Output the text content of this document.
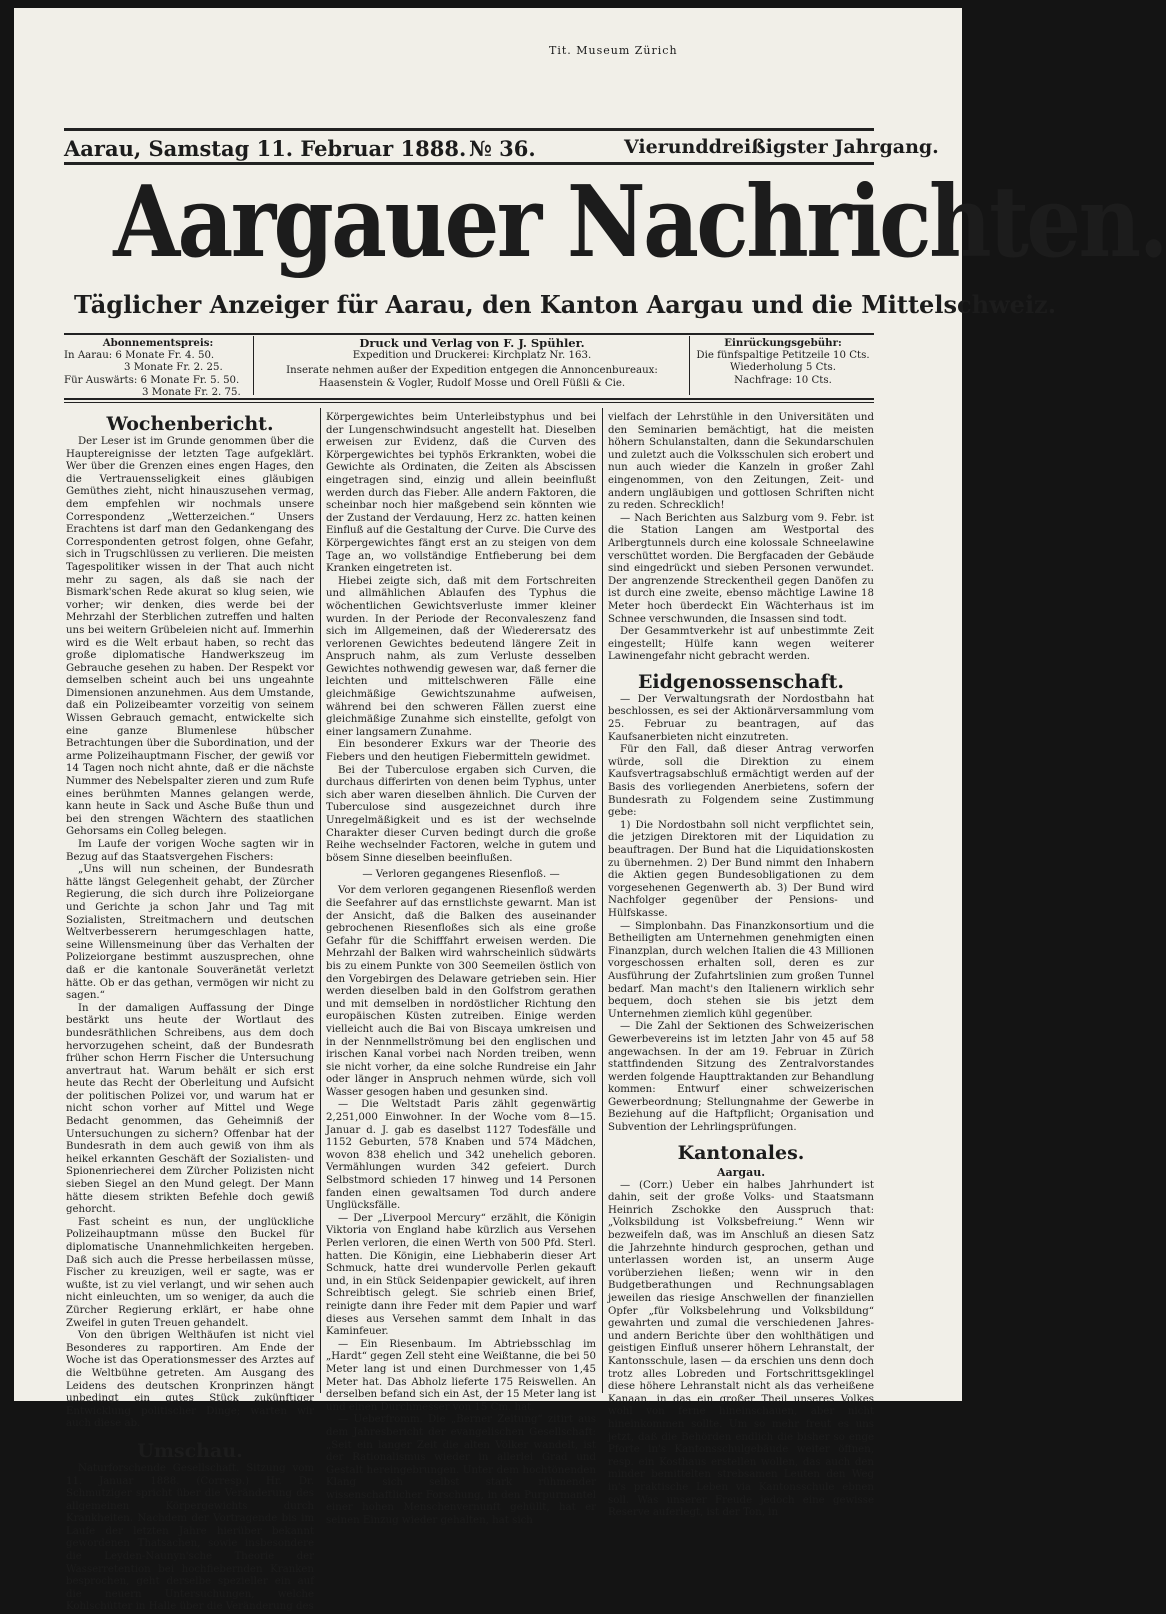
Tit. Museum Zürich
Aarau, Samstag 11. Februar 1888. № 36.	Vierunddreißigster Jahrgang.
Aargauer Nachrichten.
Täglicher Anzeiger für Aarau, den Kanton Aargau und die Mittelschweiz.
Abonnementspreis:
In Aarau: 6 Monate Fr. 4. 50.
3 Monate Fr. 2. 25.
Für Auswärts: 6 Monate Fr. 5. 50.
3 Monate Fr. 2. 75.
Druck und Verlag von F. J. Spühler.
Expedition und Druckerei: Kirchplatz Nr. 163.
Inserate nehmen außer der Expedition entgegen die Annoncenbureaux:
Haasenstein & Vogler, Rudolf Mosse und Orell Füßli & Cie.
Einrückungsgebühr:
Die fünfspaltige Petitzeile 10 Cts.
Wiederholung 5 Cts.
Nachfrage: 10 Cts.
Wochenbericht.

Der Leser ist im Grunde genommen über die Hauptereignisse der letzten Tage aufgeklärt. Wer über die Grenzen eines engen Hages, den die Vertrauensseligkeit eines gläubigen Gemüthes zieht, nicht hinauszusehen vermag, dem empfehlen wir nochmals unsere Correspondenz „Wetterzeichen.“ Unsers Erachtens ist darf man den Gedankengang des Correspondenten getrost folgen, ohne Gefahr, sich in Trugschlüssen zu verlieren. Die meisten Tagespolitiker wissen in der That auch nicht mehr zu sagen, als daß sie nach der Bismark'schen Rede akurat so klug seien, wie vorher; wir denken, dies werde bei der Mehrzahl der Sterblichen zutreffen und halten uns bei weitern Grübeleien nicht auf. Immerhin wird es die Welt erbaut haben, so recht das große diplomatische Handwerkszeug im Gebrauche gesehen zu haben. Der Respekt vor demselben scheint auch bei uns ungeahnte Dimensionen anzunehmen. Aus dem Umstande, daß ein Polizeibeamter vorzeitig von seinem Wissen Gebrauch gemacht, entwickelte sich eine ganze Blumenlese hübscher Betrachtungen über die Subordination, und der arme Polizeihauptmann Fischer, der gewiß vor 14 Tagen noch nicht ahnte, daß er die nächste Nummer des Nebelspalter zieren und zum Rufe eines berühmten Mannes gelangen werde, kann heute in Sack und Asche Buße thun und bei den strengen Wächtern des staatlichen Gehorsams ein Colleg belegen.

Im Laufe der vorigen Woche sagten wir in Bezug auf das Staatsvergehen Fischers:

„Uns will nun scheinen, der Bundesrath hätte längst Gelegenheit gehabt, der Zürcher Regierung, die sich durch ihre Polizeiorgane und Gerichte ja schon Jahr und Tag mit Sozialisten, Streitmachern und deutschen Weltverbesserern herumgeschlagen hatte, seine Willensmeinung über das Verhalten der Polizeiorgane bestimmt auszusprechen, ohne daß er die kantonale Souveränetät verletzt hätte. Ob er das gethan, vermögen wir nicht zu sagen.“

In der damaligen Auffassung der Dinge bestärkt uns heute der Wortlaut des bundesräthlichen Schreibens, aus dem doch hervorzugehen scheint, daß der Bundesrath früher schon Herrn Fischer die Untersuchung anvertraut hat. Warum behält er sich erst heute das Recht der Oberleitung und Aufsicht der politischen Polizei vor, und warum hat er nicht schon vorher auf Mittel und Wege Bedacht genommen, das Geheimniß der Untersuchungen zu sichern? Offenbar hat der Bundesrath in dem auch gewiß von ihm als heikel erkannten Geschäft der Sozialisten- und Spionenriecherei dem Zürcher Polizisten nicht sieben Siegel an den Mund gelegt. Der Mann hätte diesem strikten Befehle doch gewiß gehorcht.

Fast scheint es nun, der unglückliche Polizeihauptmann müsse den Buckel für diplomatische Unannehmlichkeiten hergeben. Daß sich auch die Presse herbeilassen müsse, Fischer zu kreuzigen, weil er sagte, was er wußte, ist zu viel verlangt, und wir sehen auch nicht einleuchten, um so weniger, da auch die Zürcher Regierung erklärt, er habe ohne Zweifel in guten Treuen gehandelt.

Von den übrigen Welthäufen ist nicht viel Besonderes zu rapportiren. Am Ende der Woche ist das Operationsmesser des Arztes auf die Weltbühne getreten. Am Ausgang des Leidens des deutschen Kronprinzen hängt unbedingt ein gutes Stück zukünftiger Entwicklung politischer Dinge; warten wir auch diese ab.

Umschau.

Naturforschende Gesellschaft. Sitzung vom 11. Januar 1888. (Corresp.) Hr. Dr. Schmutziger spricht über die Veränderung des allgemeinen Körpergewichts durch Krankheiten. Nachdem der Vortragende bis im Laufe der letzten Jahre hierüber bekannt gewordenen Thatsachen, sowie insbesondere die Leyden-Naunyn'sche Theorie der Wasserretention bei hochfiebernden Kranken besprochen, geht derselbe spezieller ein auf die neuern Untersuchungen, welche Kohlschütter in Halle über die Veränderung des

Körpergewichtes beim Unterleibstyphus und bei der Lungenschwindsucht angestellt hat. Dieselben erweisen zur Evidenz, daß die Curven des Körpergewichtes bei typhös Erkrankten, wobei die Gewichte als Ordinaten, die Zeiten als Abscissen eingetragen sind, einzig und allein beeinflußt werden durch das Fieber. Alle andern Faktoren, die scheinbar noch hier maßgebend sein könnten wie der Zustand der Verdauung, Herz zc. hatten keinen Einfluß auf die Gestaltung der Curve. Die Curve des Körpergewichtes fängt erst an zu steigen von dem Tage an, wo vollständige Entfieberung bei dem Kranken eingetreten ist.

Hiebei zeigte sich, daß mit dem Fortschreiten und allmählichen Ablaufen des Typhus die wöchentlichen Gewichtsverluste immer kleiner wurden. In der Periode der Reconvaleszenz fand sich im Allgemeinen, daß der Wiederersatz des verlorenen Gewichtes bedeutend längere Zeit in Anspruch nahm, als zum Verluste desselben Gewichtes nothwendig gewesen war, daß ferner die leichten und mittelschweren Fälle eine gleichmäßige Gewichtszunahme aufweisen, während bei den schweren Fällen zuerst eine gleichmäßige Zunahme sich einstellte, gefolgt von einer langsamern Zunahme.

Ein besonderer Exkurs war der Theorie des Fiebers und den heutigen Fiebermitteln gewidmet.

Bei der Tuberculose ergaben sich Curven, die durchaus differirten von denen beim Typhus, unter sich aber waren dieselben ähnlich. Die Curven der Tuberculose sind ausgezeichnet durch ihre Unregelmäßigkeit und es ist der wechselnde Charakter dieser Curven bedingt durch die große Reihe wechselnder Factoren, welche in gutem und bösem Sinne dieselben beeinflußen.

— Verloren gegangenes Riesenfloß. —

Vor dem verloren gegangenen Riesenfloß werden die Seefahrer auf das ernstlichste gewarnt. Man ist der Ansicht, daß die Balken des auseinander gebrochenen Riesenfloßes sich als eine große Gefahr für die Schifffahrt erweisen werden. Die Mehrzahl der Balken wird wahrscheinlich südwärts bis zu einem Punkte von 300 Seemeilen östlich von den Vorgebirgen des Delaware getrieben sein. Hier werden dieselben bald in den Golfstrom gerathen und mit demselben in nordöstlicher Richtung den europäischen Küsten zutreiben. Einige werden vielleicht auch die Bai von Biscaya umkreisen und in der Nennmellströmung bei den englischen und irischen Kanal vorbei nach Norden treiben, wenn sie nicht vorher, da eine solche Rundreise ein Jahr oder länger in Anspruch nehmen würde, sich voll Wasser gesogen haben und gesunken sind.

— Die Weltstadt Paris zählt gegenwärtig 2,251,000 Einwohner. In der Woche vom 8—15. Januar d. J. gab es daselbst 1127 Todesfälle und 1152 Geburten, 578 Knaben und 574 Mädchen, wovon 838 ehelich und 342 unehelich geboren. Vermählungen wurden 342 gefeiert. Durch Selbstmord schieden 17 hinweg und 14 Personen fanden einen gewaltsamen Tod durch andere Unglücksfälle.

— Der „Liverpool Mercury“ erzählt, die Königin Viktoria von England habe kürzlich aus Versehen Perlen verloren, die einen Werth von 500 Pfd. Sterl. hatten. Die Königin, eine Liebhaberin dieser Art Schmuck, hatte drei wundervolle Perlen gekauft und, in ein Stück Seidenpapier gewickelt, auf ihren Schreibtisch gelegt. Sie schrieb einen Brief, reinigte dann ihre Feder mit dem Papier und warf dieses aus Versehen sammt dem Inhalt in das Kaminfeuer.

— Ein Riesenbaum. Im Abtriebsschlag im „Hardt“ gegen Zell steht eine Weißtanne, die bei 50 Meter lang ist und einen Durchmesser von 1,45 Meter hat. Das Abholz lieferte 175 Reiswellen. An derselben befand sich ein Ast, der 15 Meter lang ist und einen Durchmesser von 15 Cm. hat.

— Ueberfromm. Die „Berner Zeitung“ zitirt aus dem Jahresbericht der evangelischen Gesellschaft: „Seit ein langer Zeit die alten Völker wandelt, ist der Rationalismus wieder in allerlei Grad und Gestalt hereingebrungen. Unter dem hochtönenden Klang sich selbst stark rühmender wissenschaftlicher Forschung, in den Purpurmantel einer hohen Menschenvernunft gehüllt, hat er seinen Einzug wieder gehalten, hat sich

vielfach der Lehrstühle in den Universitäten und den Seminarien bemächtigt, hat die meisten höhern Schulanstalten, dann die Sekundarschulen und zuletzt auch die Volksschulen sich erobert und nun auch wieder die Kanzeln in großer Zahl eingenommen, von den Zeitungen, Zeit- und andern ungläubigen und gottlosen Schriften nicht zu reden. Schrecklich!

— Nach Berichten aus Salzburg vom 9. Febr. ist die Station Langen am Westportal des Arlbergtunnels durch eine kolossale Schneelawine verschüttet worden. Die Bergfacaden der Gebäude sind eingedrückt und sieben Personen verwundet. Der angrenzende Streckentheil gegen Danöfen zu ist durch eine zweite, ebenso mächtige Lawine 18 Meter hoch überdeckt Ein Wächterhaus ist im Schnee verschwunden, die Insassen sind todt.

Der Gesammtverkehr ist auf unbestimmte Zeit eingestellt; Hülfe kann wegen weiterer Lawinengefahr nicht gebracht werden.

Eidgenossenschaft.

— Der Verwaltungsrath der Nordostbahn hat beschlossen, es sei der Aktionärversammlung vom 25. Februar zu beantragen, auf das Kaufsanerbieten nicht einzutreten.

Für den Fall, daß dieser Antrag verworfen würde, soll die Direktion zu einem Kaufsvertragsabschluß ermächtigt werden auf der Basis des vorliegenden Anerbietens, sofern der Bundesrath zu Folgendem seine Zustimmung gebe:

1) Die Nordostbahn soll nicht verpflichtet sein, die jetzigen Direktoren mit der Liquidation zu beauftragen. Der Bund hat die Liquidationskosten zu übernehmen. 2) Der Bund nimmt den Inhabern die Aktien gegen Bundesobligationen zu dem vorgesehenen Gegenwerth ab. 3) Der Bund wird Nachfolger gegenüber der Pensions- und Hülfskasse.

— Simplonbahn. Das Finanzkonsortium und die Betheiligten am Unternehmen genehmigten einen Finanzplan, durch welchen Italien die 43 Millionen vorgeschossen erhalten soll, deren es zur Ausführung der Zufahrtslinien zum großen Tunnel bedarf. Man macht's den Italienern wirklich sehr bequem, doch stehen sie bis jetzt dem Unternehmen ziemlich kühl gegenüber.

— Die Zahl der Sektionen des Schweizerischen Gewerbevereins ist im letzten Jahr von 45 auf 58 angewachsen. In der am 19. Februar in Zürich stattfindenden Sitzung des Zentralvorstandes werden folgende Haupttraktanden zur Behandlung kommen: Entwurf einer schweizerischen Gewerbeordnung; Stellungnahme der Gewerbe in Beziehung auf die Haftpflicht; Organisation und Subvention der Lehrlingsprüfungen.

Kantonales.
Aargau.

— (Corr.) Ueber ein halbes Jahrhundert ist dahin, seit der große Volks- und Staatsmann Heinrich Zschokke den Ausspruch that: „Volksbildung ist Volksbefreiung.“ Wenn wir bezweifeln daß, was im Anschluß an diesen Satz die Jahrzehnte hindurch gesprochen, gethan und unterlassen worden ist, an unserm Auge vorüberziehen ließen; wenn wir in den Budgetberathungen und Rechnungsablagen jeweilen das riesige Anschwellen der finanziellen Opfer „für Volksbelehrung und Volksbildung“ gewahrten und zumal die verschiedenen Jahres- und andern Berichte über den wohlthätigen und geistigen Einfluß unserer höhern Lehranstalt, der Kantonsschule, lasen — da erschien uns denn doch trotz alles Lobreden und Fortschrittsgeklingel diese höhere Lehranstalt nicht als das verheißene Kanaan, in das ein großer Theil unseres Volkes wohl von ferne hineinschauen, aber nicht hineinkommen sollte. Um so mehr freut es uns jetzt, daß die Behörden endlich die bisher so enge Pforte in's Kantonsschulgebäude weiter öffnen, resp. ein Kosthaus erstellen wollen, das auch den minder bemittelten strebsamen Leuten den Weg in's praktische Leben via Kantonsschule ebnen soll. Was unserer Freude jedoch eine gewisse Reserve auferlegt, ist der Ton, in
